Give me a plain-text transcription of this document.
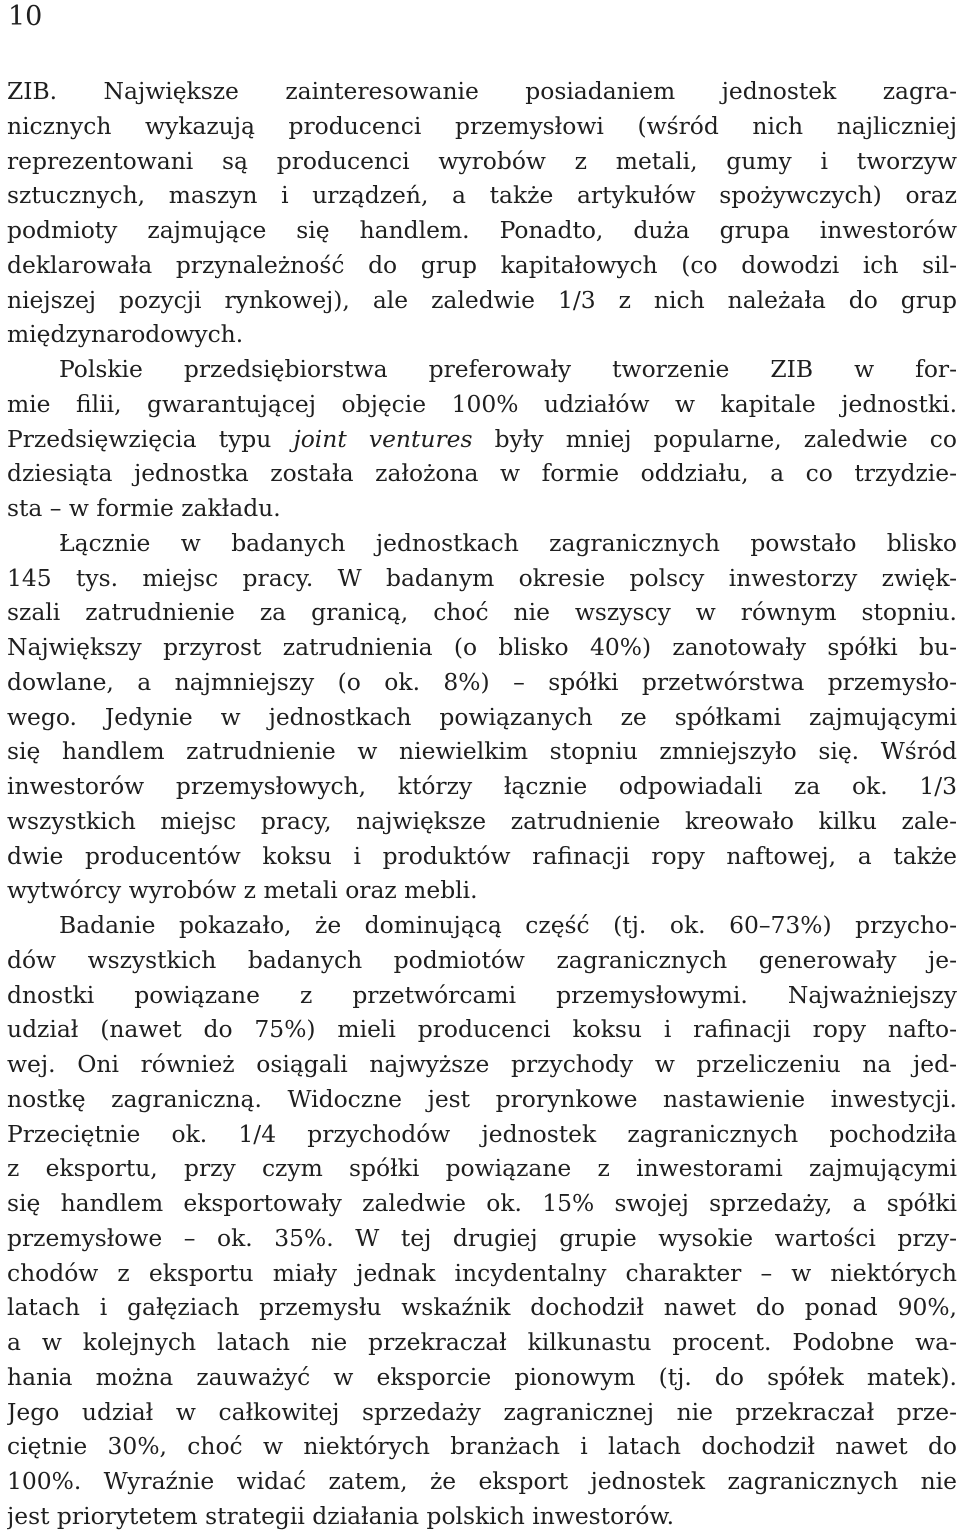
10
ZIB. Największe zainteresowanie posiadaniem jednostek zagra-
nicznych wykazują producenci przemysłowi (wśród nich najliczniej
reprezentowani są producenci wyrobów z metali, gumy i tworzyw
sztucznych, maszyn i urządzeń, a także artykułów spożywczych) oraz
podmioty zajmujące się handlem. Ponadto, duża grupa inwestorów
deklarowała przynależność do grup kapitałowych (co dowodzi ich sil-
niejszej pozycji rynkowej), ale zaledwie 1/3 z nich należała do grup
międzynarodowych.
Polskie przedsiębiorstwa preferowały tworzenie ZIB w for-
mie filii, gwarantującej objęcie 100% udziałów w kapitale jednostki.
Przedsięwzięcia typu joint ventures były mniej popularne, zaledwie co
dziesiąta jednostka została założona w formie oddziału, a co trzydzie-
sta – w formie zakładu.
Łącznie w badanych jednostkach zagranicznych powstało blisko
145 tys. miejsc pracy. W badanym okresie polscy inwestorzy zwięk-
szali zatrudnienie za granicą, choć nie wszyscy w równym stopniu.
Największy przyrost zatrudnienia (o blisko 40%) zanotowały spółki bu-
dowlane, a najmniejszy (o ok. 8%) – spółki przetwórstwa przemysło-
wego. Jedynie w jednostkach powiązanych ze spółkami zajmującymi
się handlem zatrudnienie w niewielkim stopniu zmniejszyło się. Wśród
inwestorów przemysłowych, którzy łącznie odpowiadali za ok. 1/3
wszystkich miejsc pracy, największe zatrudnienie kreowało kilku zale-
dwie producentów koksu i produktów rafinacji ropy naftowej, a także
wytwórcy wyrobów z metali oraz mebli.
Badanie pokazało, że dominującą część (tj. ok. 60–73%) przycho-
dów wszystkich badanych podmiotów zagranicznych generowały je-
dnostki powiązane z przetwórcami przemysłowymi. Najważniejszy
udział (nawet do 75%) mieli producenci koksu i rafinacji ropy nafto-
wej. Oni również osiągali najwyższe przychody w przeliczeniu na jed-
nostkę zagraniczną. Widoczne jest prorynkowe nastawienie inwestycji.
Przeciętnie ok. 1/4 przychodów jednostek zagranicznych pochodziła
z eksportu, przy czym spółki powiązane z inwestorami zajmującymi
się handlem eksportowały zaledwie ok. 15% swojej sprzedaży, a spółki
przemysłowe – ok. 35%. W tej drugiej grupie wysokie wartości przy-
chodów z eksportu miały jednak incydentalny charakter – w niektórych
latach i gałęziach przemysłu wskaźnik dochodził nawet do ponad 90%,
a w kolejnych latach nie przekraczał kilkunastu procent. Podobne wa-
hania można zauważyć w eksporcie pionowym (tj. do spółek matek).
Jego udział w całkowitej sprzedaży zagranicznej nie przekraczał prze-
ciętnie 30%, choć w niektórych branżach i latach dochodził nawet do
100%. Wyraźnie widać zatem, że eksport jednostek zagranicznych nie
jest priorytetem strategii działania polskich inwestorów.
